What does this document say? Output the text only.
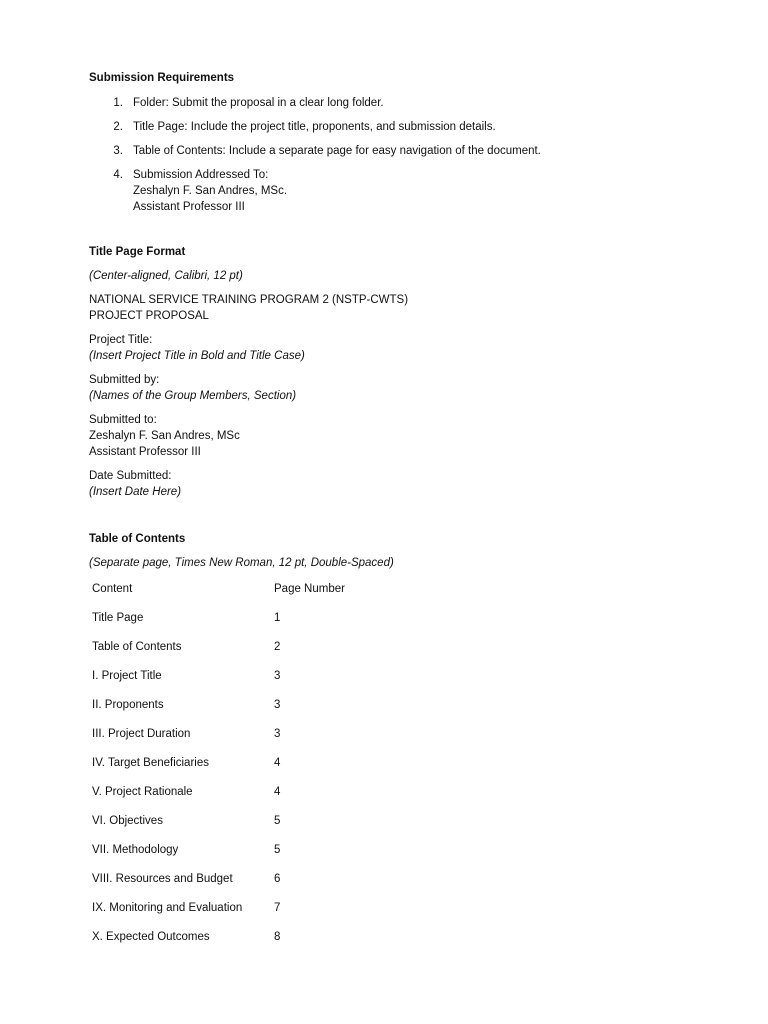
Submission Requirements

1. Folder: Submit the proposal in a clear long folder.
2. Title Page: Include the project title, proponents, and submission details.
3. Table of Contents: Include a separate page for easy navigation of the document.
4. Submission Addressed To:
Zeshalyn F. San Andres, MSc.
Assistant Professor III

Title Page Format

(Center-aligned, Calibri, 12 pt)

NATIONAL SERVICE TRAINING PROGRAM 2 (NSTP-CWTS)
PROJECT PROPOSAL

Project Title:
(Insert Project Title in Bold and Title Case)

Submitted by:
(Names of the Group Members, Section)

Submitted to:
Zeshalyn F. San Andres, MSc
Assistant Professor III

Date Submitted:
(Insert Date Here)

Table of Contents

(Separate page, Times New Roman, 12 pt, Double-Spaced)

Content	Page Number
Title Page	1
Table of Contents	2
I. Project Title	3
II. Proponents	3
III. Project Duration	3
IV. Target Beneficiaries	4
V. Project Rationale	4
VI. Objectives	5
VII. Methodology	5
VIII. Resources and Budget	6
IX. Monitoring and Evaluation	7
X. Expected Outcomes	8
